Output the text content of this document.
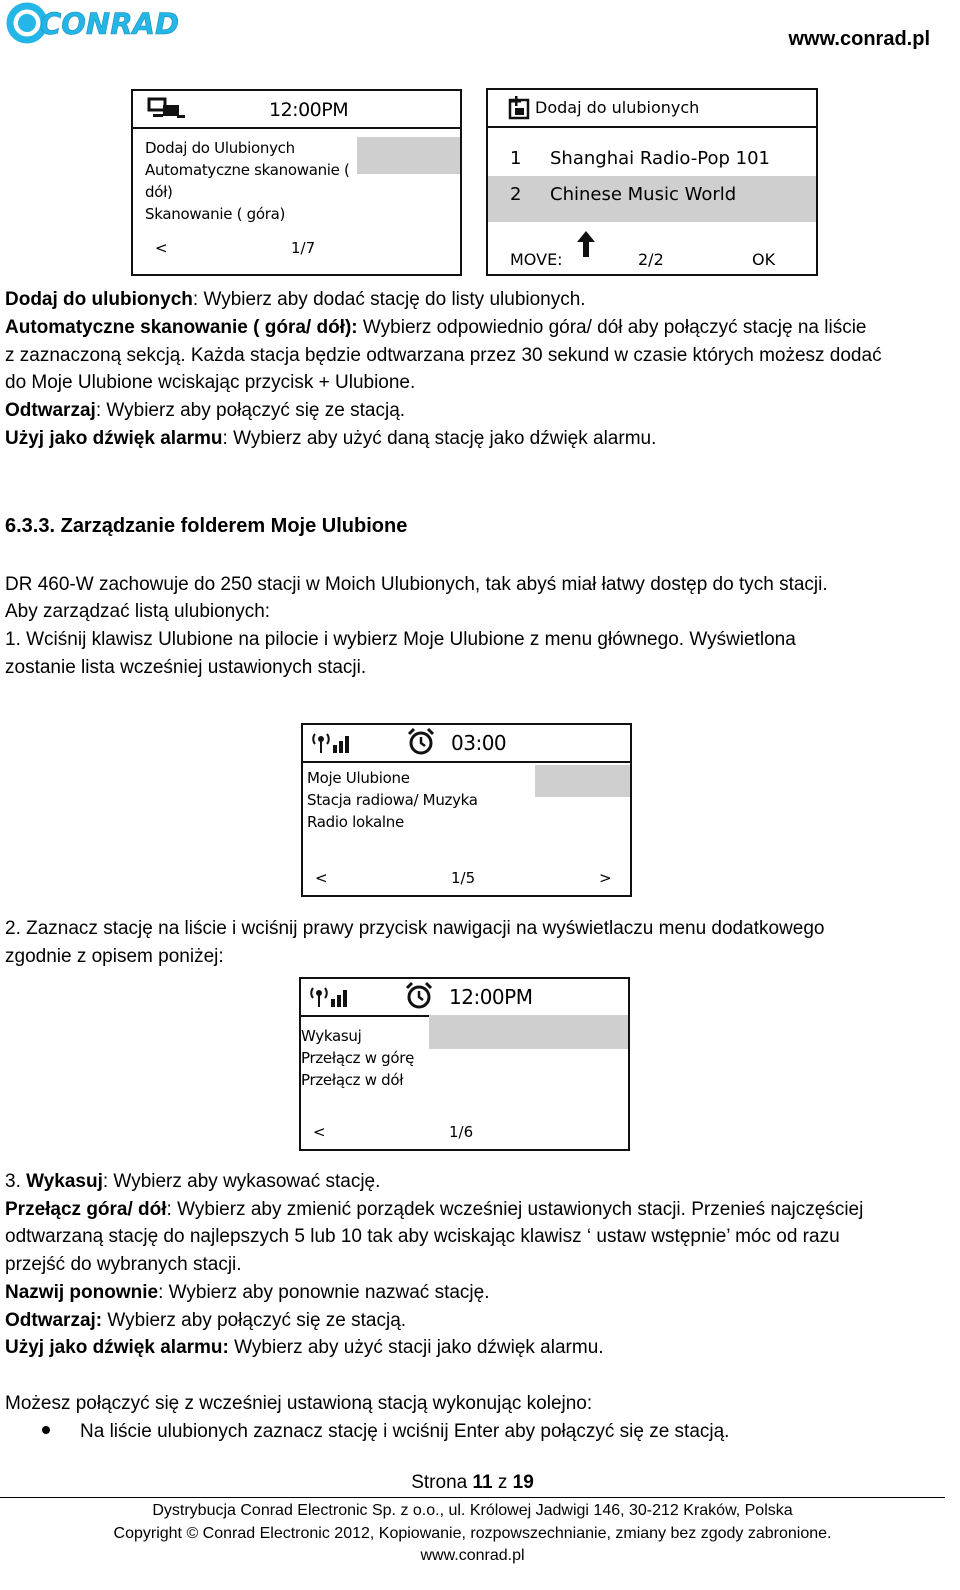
CONRAD	www.conrad.pl
12:00PM
Dodaj do Ulubionych
Automatyczne skanowanie (
dół)
Skanowanie ( góra)
<	1/7
Dodaj do ulubionych
1 Shanghai Radio-Pop 101
2 Chinese Music World
MOVE:	2/2	OK
Dodaj do ulubionych: Wybierz aby dodać stację do listy ulubionych.
Automatyczne skanowanie ( góra/ dół): Wybierz odpowiednio góra/ dół aby połączyć stację na liście
z zaznaczoną sekcją. Każda stacja będzie odtwarzana przez 30 sekund w czasie których możesz dodać
do Moje Ulubione wciskając przycisk + Ulubione.
Odtwarzaj: Wybierz aby połączyć się ze stacją.
Użyj jako dźwięk alarmu: Wybierz aby użyć daną stację jako dźwięk alarmu.
6.3.3. Zarządzanie folderem Moje Ulubione
DR 460-W zachowuje do 250 stacji w Moich Ulubionych, tak abyś miał łatwy dostęp do tych stacji.
Aby zarządzać listą ulubionych:
1. Wciśnij klawisz Ulubione na pilocie i wybierz Moje Ulubione z menu głównego. Wyświetlona
zostanie lista wcześniej ustawionych stacji.
03:00
Moje Ulubione
Stacja radiowa/ Muzyka
Radio lokalne
<	1/5	>
2. Zaznacz stację na liście i wciśnij prawy przycisk nawigacji na wyświetlaczu menu dodatkowego
zgodnie z opisem poniżej:
12:00PM
Wykasuj
Przełącz w górę
Przełącz w dół
<	1/6
3. Wykasuj: Wybierz aby wykasować stację.
Przełącz góra/ dół: Wybierz aby zmienić porządek wcześniej ustawionych stacji. Przenieś najczęściej
odtwarzaną stację do najlepszych 5 lub 10 tak aby wciskając klawisz ‘ ustaw wstępnie’ móc od razu
przejść do wybranych stacji.
Nazwij ponownie: Wybierz aby ponownie nazwać stację.
Odtwarzaj: Wybierz aby połączyć się ze stacją.
Użyj jako dźwięk alarmu: Wybierz aby użyć stacji jako dźwięk alarmu.
Możesz połączyć się z wcześniej ustawioną stacją wykonując kolejno:
Na liście ulubionych zaznacz stację i wciśnij Enter aby połączyć się ze stacją.
Strona 11 z 19
Dystrybucja Conrad Electronic Sp. z o.o., ul. Królowej Jadwigi 146, 30-212 Kraków, Polska
Copyright © Conrad Electronic 2012, Kopiowanie, rozpowszechnianie, zmiany bez zgody zabronione.
www.conrad.pl
